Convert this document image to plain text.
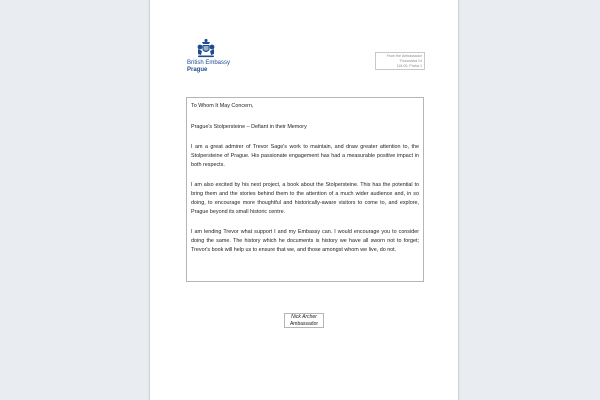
British Embassy
Prague
From the Ambassador
Thunovská 14
118 00, Praha 1

To Whom It May Concern,

Prague's Stolpersteine – Defiant in their Memory

I am a great admirer of Trevor Sage's work to maintain, and draw greater attention to, the Stolpersteine of Prague. His passionate engagement has had a measurable positive impact in both respects.

I am also excited by his next project, a book about the Stolpersteine. This has the potential to bring them and the stories behind them to the attention of a much wider audience and, in so doing, to encourage more thoughtful and historically-aware visitors to come to, and explore, Prague beyond its small historic centre.

I am lending Trevor what support I and my Embassy can. I would encourage you to consider doing the same. The history which he documents is history we have all sworn not to forget; Trevor's book will help us to ensure that we, and those amongst whom we live, do not.

Nick Archer
Ambassador
